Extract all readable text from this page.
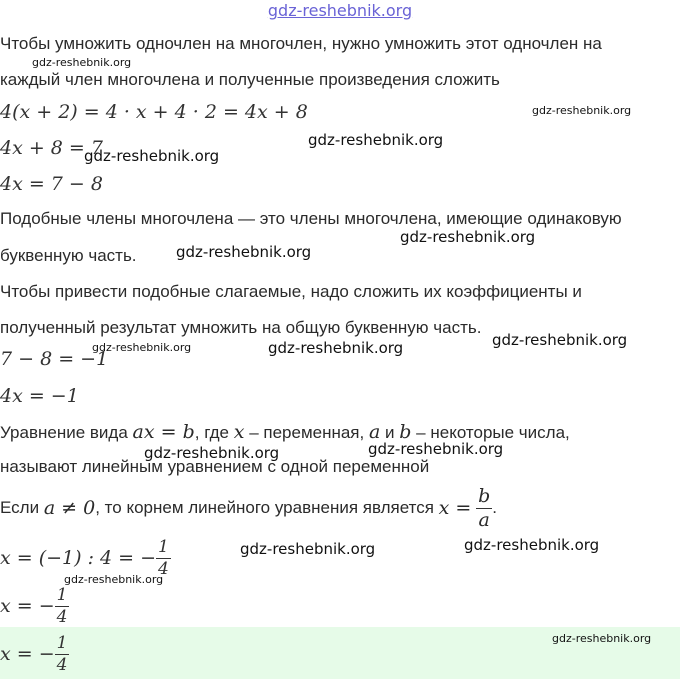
gdz-reshebnik.org
Чтобы умножить одночлен на многочлен, нужно умножить этот одночлен на
каждый член многочлена и полученные произведения сложить
4(x + 2) = 4 · x + 4 · 2 = 4x + 8
4x + 8 = 7
4x = 7 − 8
Подобные члены многочлена — это члены многочлена, имеющие одинаковую
буквенную часть.
Чтобы привести подобные слагаемые, надо сложить их коэффициенты и
полученный результат умножить на общую буквенную часть.
7 − 8 = −1
4x = −1
Уравнение вида ax = b, где x – переменная, a и b – некоторые числа,
называют линейным уравнением с одной переменной
Если
a ≠ 0 , то корнем линейного уравнения является
x =
$\frac{b}{a}$ .
x = (−1) : 4 = − $\frac{1}{4}$
x = − $\frac{1}{4}$
x = − $\frac{1}{4}$
gdz-reshebnik.org
gdz-reshebnik.org
gdz-reshebnik.org
gdz-reshebnik.org
gdz-reshebnik.org
gdz-reshebnik.org
gdz-reshebnik.org
gdz-reshebnik.org	gdz-reshebnik.org
gdz-reshebnik.org
gdz-reshebnik.org
gdz-reshebnik.org
gdz-reshebnik.org
gdz-reshebnik.org
gdz-reshebnik.org
